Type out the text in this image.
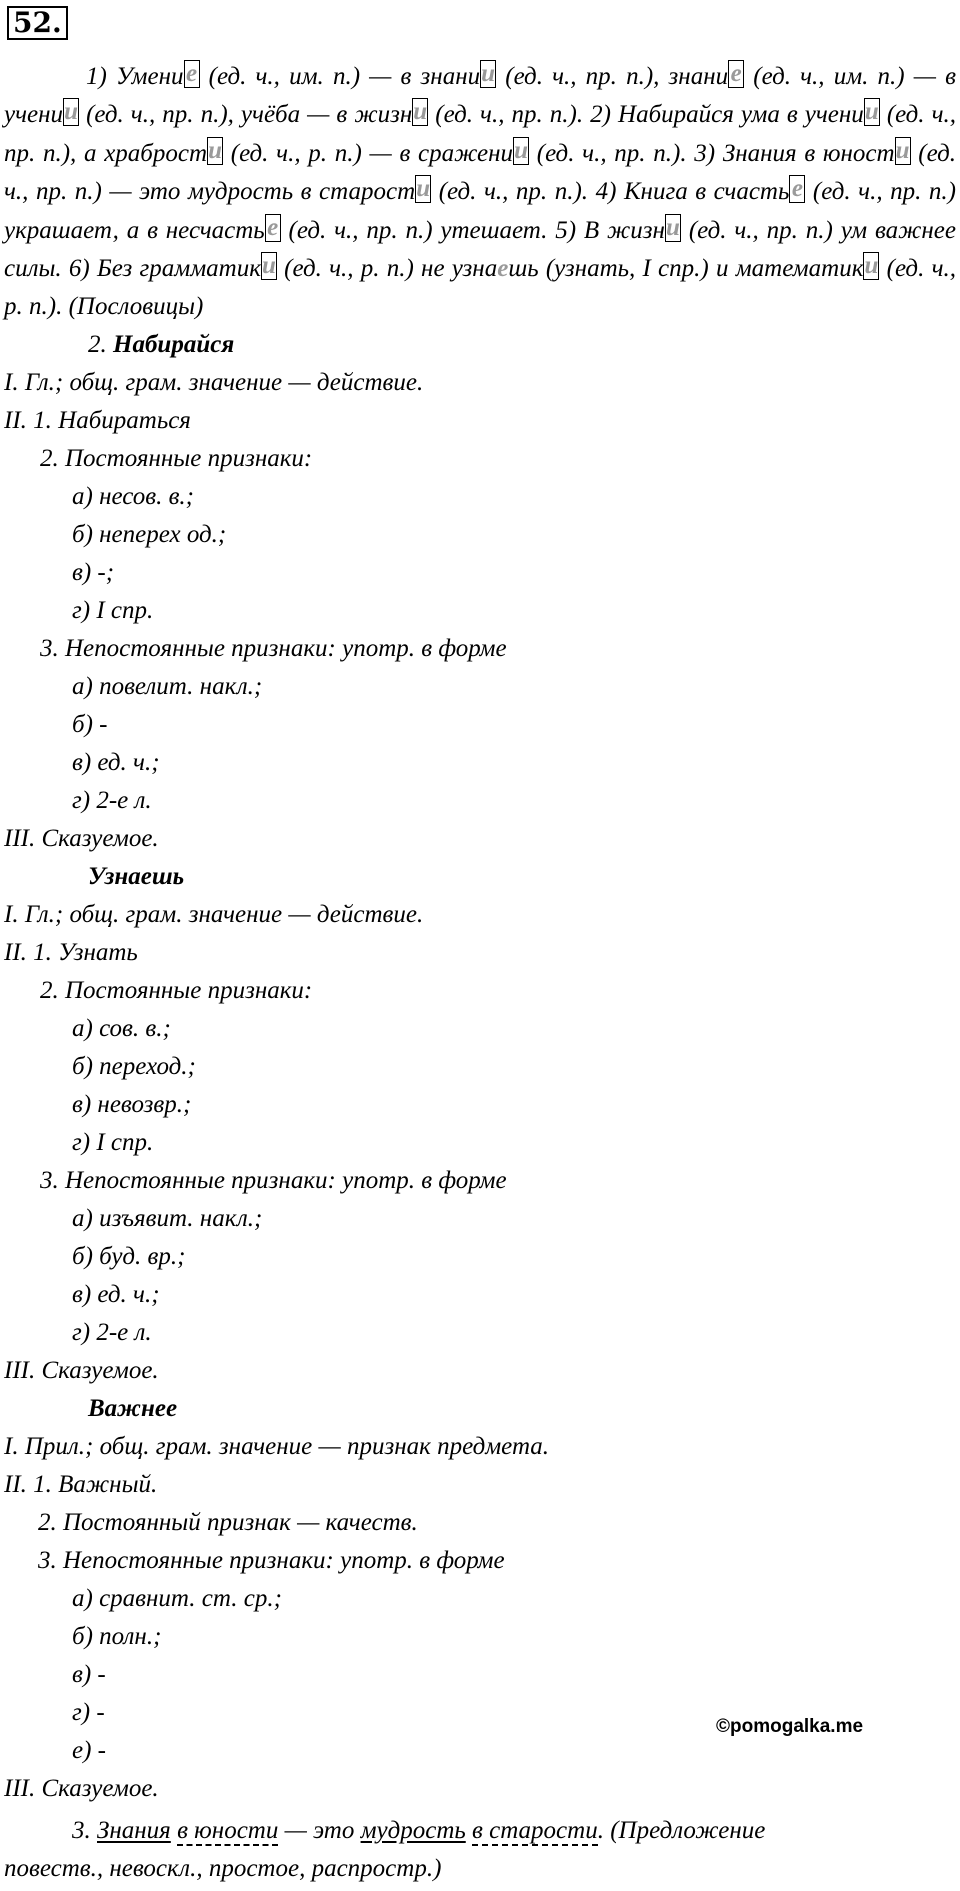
52.

1) Умени е (ед. ч., им. п.) — в знани и (ед. ч., пр. п.), знани е (ед. ч., им. п.) — в учени и (ед. ч., пр. п.), учёба — в жизн и (ед. ч., пр. п.). 2) Набирайся ума в учени и (ед. ч., пр. п.), а храброст и (ед. ч., р. п.) — в сражени и (ед. ч., пр. п.). 3) Знания в юност и (ед. ч., пр. п.) — это мудрость в старост и (ед. ч., пр. п.). 4) Книга в счасть е (ед. ч., пр. п.) украшает, а в несчасть е (ед. ч., пр. п.) утешает. 5) В жизн и (ед. ч., пр. п.) ум важнее силы. 6) Без грамматик и (ед. ч., р. п.) не узнаешь (узнать, I спр.) и математик и (ед. ч., р. п.). (Пословицы)

2. Набирайся

I. Гл.; общ. грам. значение — действие.

II. 1. Набираться

2. Постоянные признаки:

а) несов. в.;

б) неперех од.;

в) -;

г) I спр.

3. Непостоянные признаки: употр. в форме

а) повелит. накл.;

б) -

в) ед. ч.;

г) 2-е л.

III. Сказуемое.

Узнаешь

I. Гл.; общ. грам. значение — действие.

II. 1. Узнать

2. Постоянные признаки:

а) сов. в.;

б) переход.;

в) невозвр.;

г) I спр.

3. Непостоянные признаки: употр. в форме

а) изъявит. накл.;

б) буд. вр.;

в) ед. ч.;

г) 2-е л.

III. Сказуемое.

Важнее

I. Прил.; общ. грам. значение — признак предмета.

II. 1. Важный.

2. Постоянный признак — качеств.

3. Непостоянные признаки: употр. в форме

а) сравнит. ст. ср.;

б) полн.;

в) -

г) -

е) -

III. Сказуемое.

©pomogalka.me

3. Знания в юности — это мудрость в старости. (Предложение

повеств., невоскл., простое, распростр.)
